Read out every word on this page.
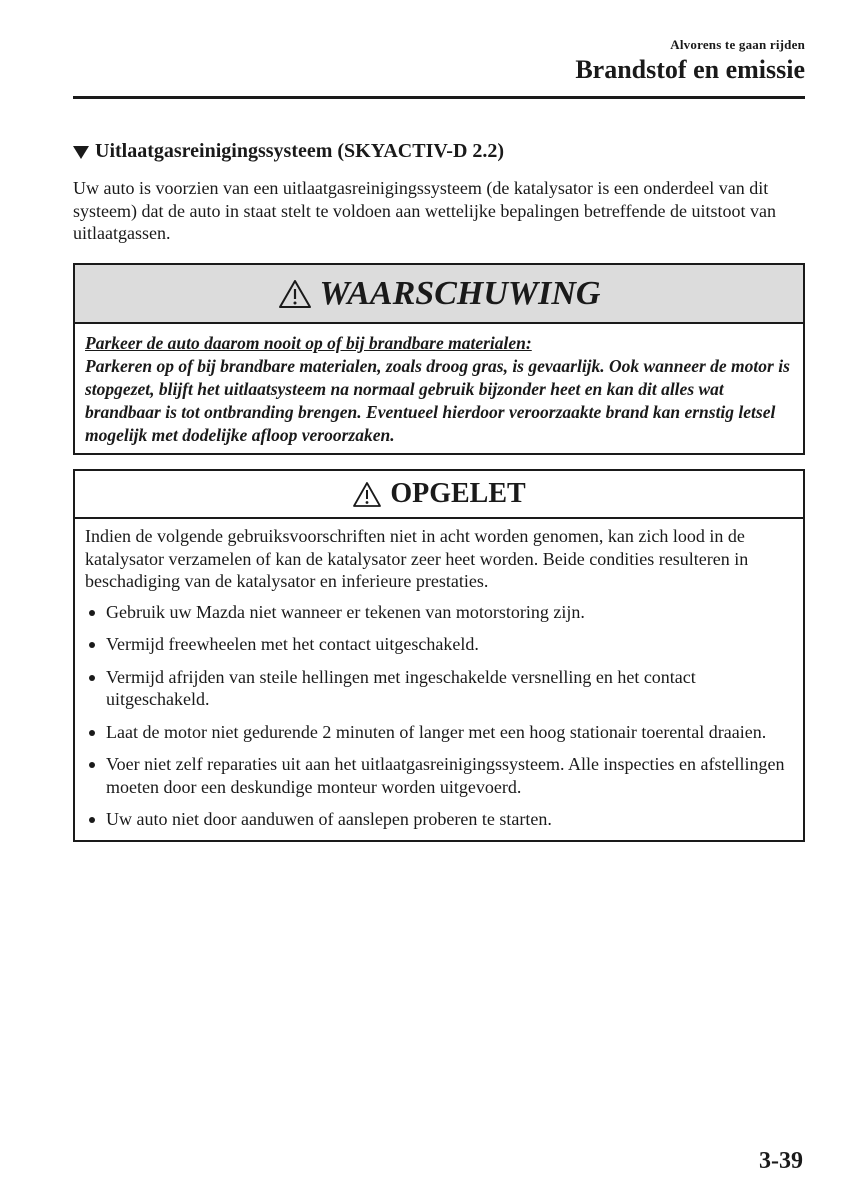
Alvorens te gaan rijden
Brandstof en emissie
Uitlaatgasreinigingssysteem (SKYACTIV-D 2.2)
Uw auto is voorzien van een uitlaatgasreinigingssysteem (de katalysator is een onderdeel van dit systeem) dat de auto in staat stelt te voldoen aan wettelijke bepalingen betreffende de uitstoot van uitlaatgassen.
WAARSCHUWING
Parkeer de auto daarom nooit op of bij brandbare materialen:
Parkeren op of bij brandbare materialen, zoals droog gras, is gevaarlijk. Ook wanneer de motor is stopgezet, blijft het uitlaatsysteem na normaal gebruik bijzonder heet en kan dit alles wat brandbaar is tot ontbranding brengen. Eventueel hierdoor veroorzaakte brand kan ernstig letsel mogelijk met dodelijke afloop veroorzaken.
OPGELET
Indien de volgende gebruiksvoorschriften niet in acht worden genomen, kan zich lood in de katalysator verzamelen of kan de katalysator zeer heet worden. Beide condities resulteren in beschadiging van de katalysator en inferieure prestaties.
Gebruik uw Mazda niet wanneer er tekenen van motorstoring zijn.
Vermijd freewheelen met het contact uitgeschakeld.
Vermijd afrijden van steile hellingen met ingeschakelde versnelling en het contact uitgeschakeld.
Laat de motor niet gedurende 2 minuten of langer met een hoog stationair toerental draaien.
Voer niet zelf reparaties uit aan het uitlaatgasreinigingssysteem. Alle inspecties en afstellingen moeten door een deskundige monteur worden uitgevoerd.
Uw auto niet door aanduwen of aanslepen proberen te starten.
3-39
